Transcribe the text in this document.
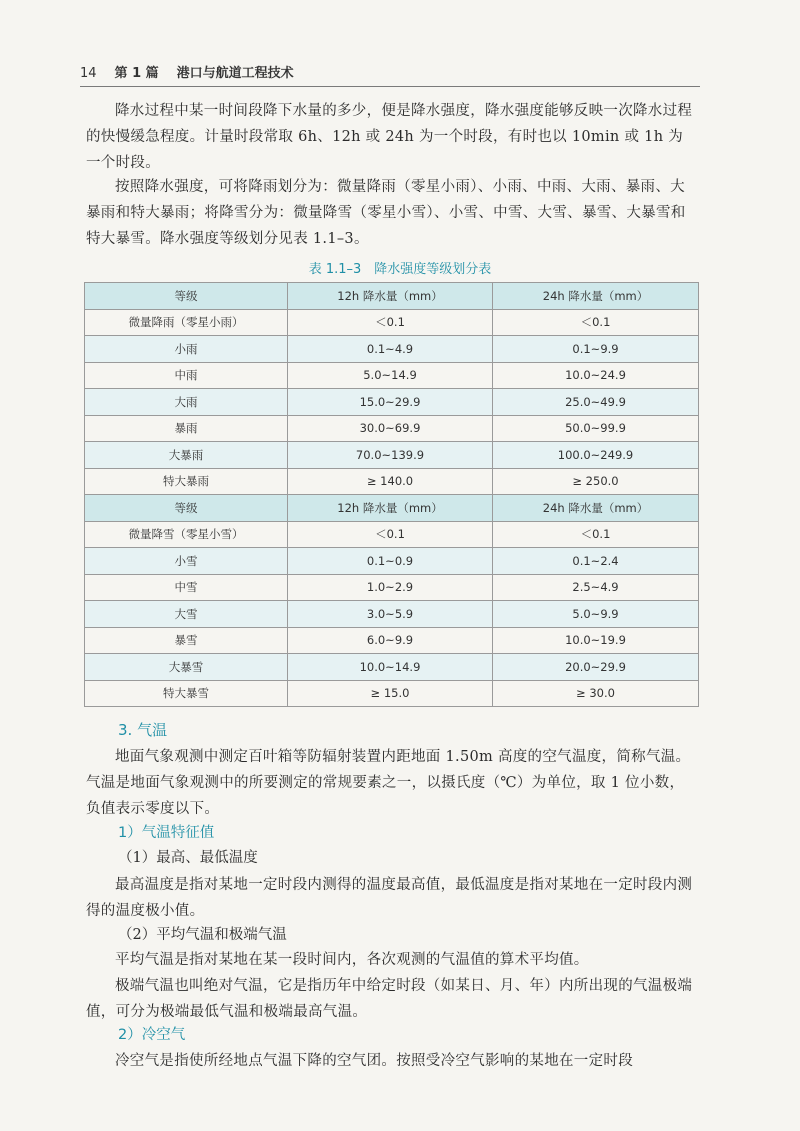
14 第 1 篇 港口与航道工程技术

降水过程中某一时间段降下水量的多少，便是降水强度，降水强度能够反映一次降水过程的快慢缓急程度。计量时段常取 6h、12h 或 24h 为一个时段，有时也以 10min 或 1h 为一个时段。

按照降水强度，可将降雨划分为：微量降雨（零星小雨）、小雨、中雨、大雨、暴雨、大暴雨和特大暴雨；将降雪分为：微量降雪（零星小雪）、小雪、中雪、大雪、暴雪、大暴雪和特大暴雪。降水强度等级划分见表 1.1–3。

表 1.1–3　降水强度等级划分表
等级	12h 降水量（mm）	24h 降水量（mm）
微量降雨（零星小雨）	＜0.1	＜0.1
小雨	0.1~4.9	0.1~9.9
中雨	5.0~14.9	10.0~24.9
大雨	15.0~29.9	25.0~49.9
暴雨	30.0~69.9	50.0~99.9
大暴雨	70.0~139.9	100.0~249.9
特大暴雨	≥ 140.0	≥ 250.0
等级	12h 降水量（mm）	24h 降水量（mm）
微量降雪（零星小雪）	＜0.1	＜0.1
小雪	0.1~0.9	0.1~2.4
中雪	1.0~2.9	2.5~4.9
大雪	3.0~5.9	5.0~9.9
暴雪	6.0~9.9	10.0~19.9
大暴雪	10.0~14.9	20.0~29.9
特大暴雪	≥ 15.0	≥ 30.0
3. 气温

地面气象观测中测定百叶箱等防辐射装置内距地面 1.50m 高度的空气温度，简称气温。气温是地面气象观测中的所要测定的常规要素之一，以摄氏度（℃）为单位，取 1 位小数，负值表示零度以下。

1）气温特征值
（1）最高、最低温度

最高温度是指对某地一定时段内测得的温度最高值，最低温度是指对某地在一定时段内测得的温度极小值。

（2）平均气温和极端气温

平均气温是指对某地在某一段时间内，各次观测的气温值的算术平均值。

极端气温也叫绝对气温，它是指历年中给定时段（如某日、月、年）内所出现的气温极端值，可分为极端最低气温和极端最高气温。

2）冷空气

冷空气是指使所经地点气温下降的空气团。按照受冷空气影响的某地在一定时段
